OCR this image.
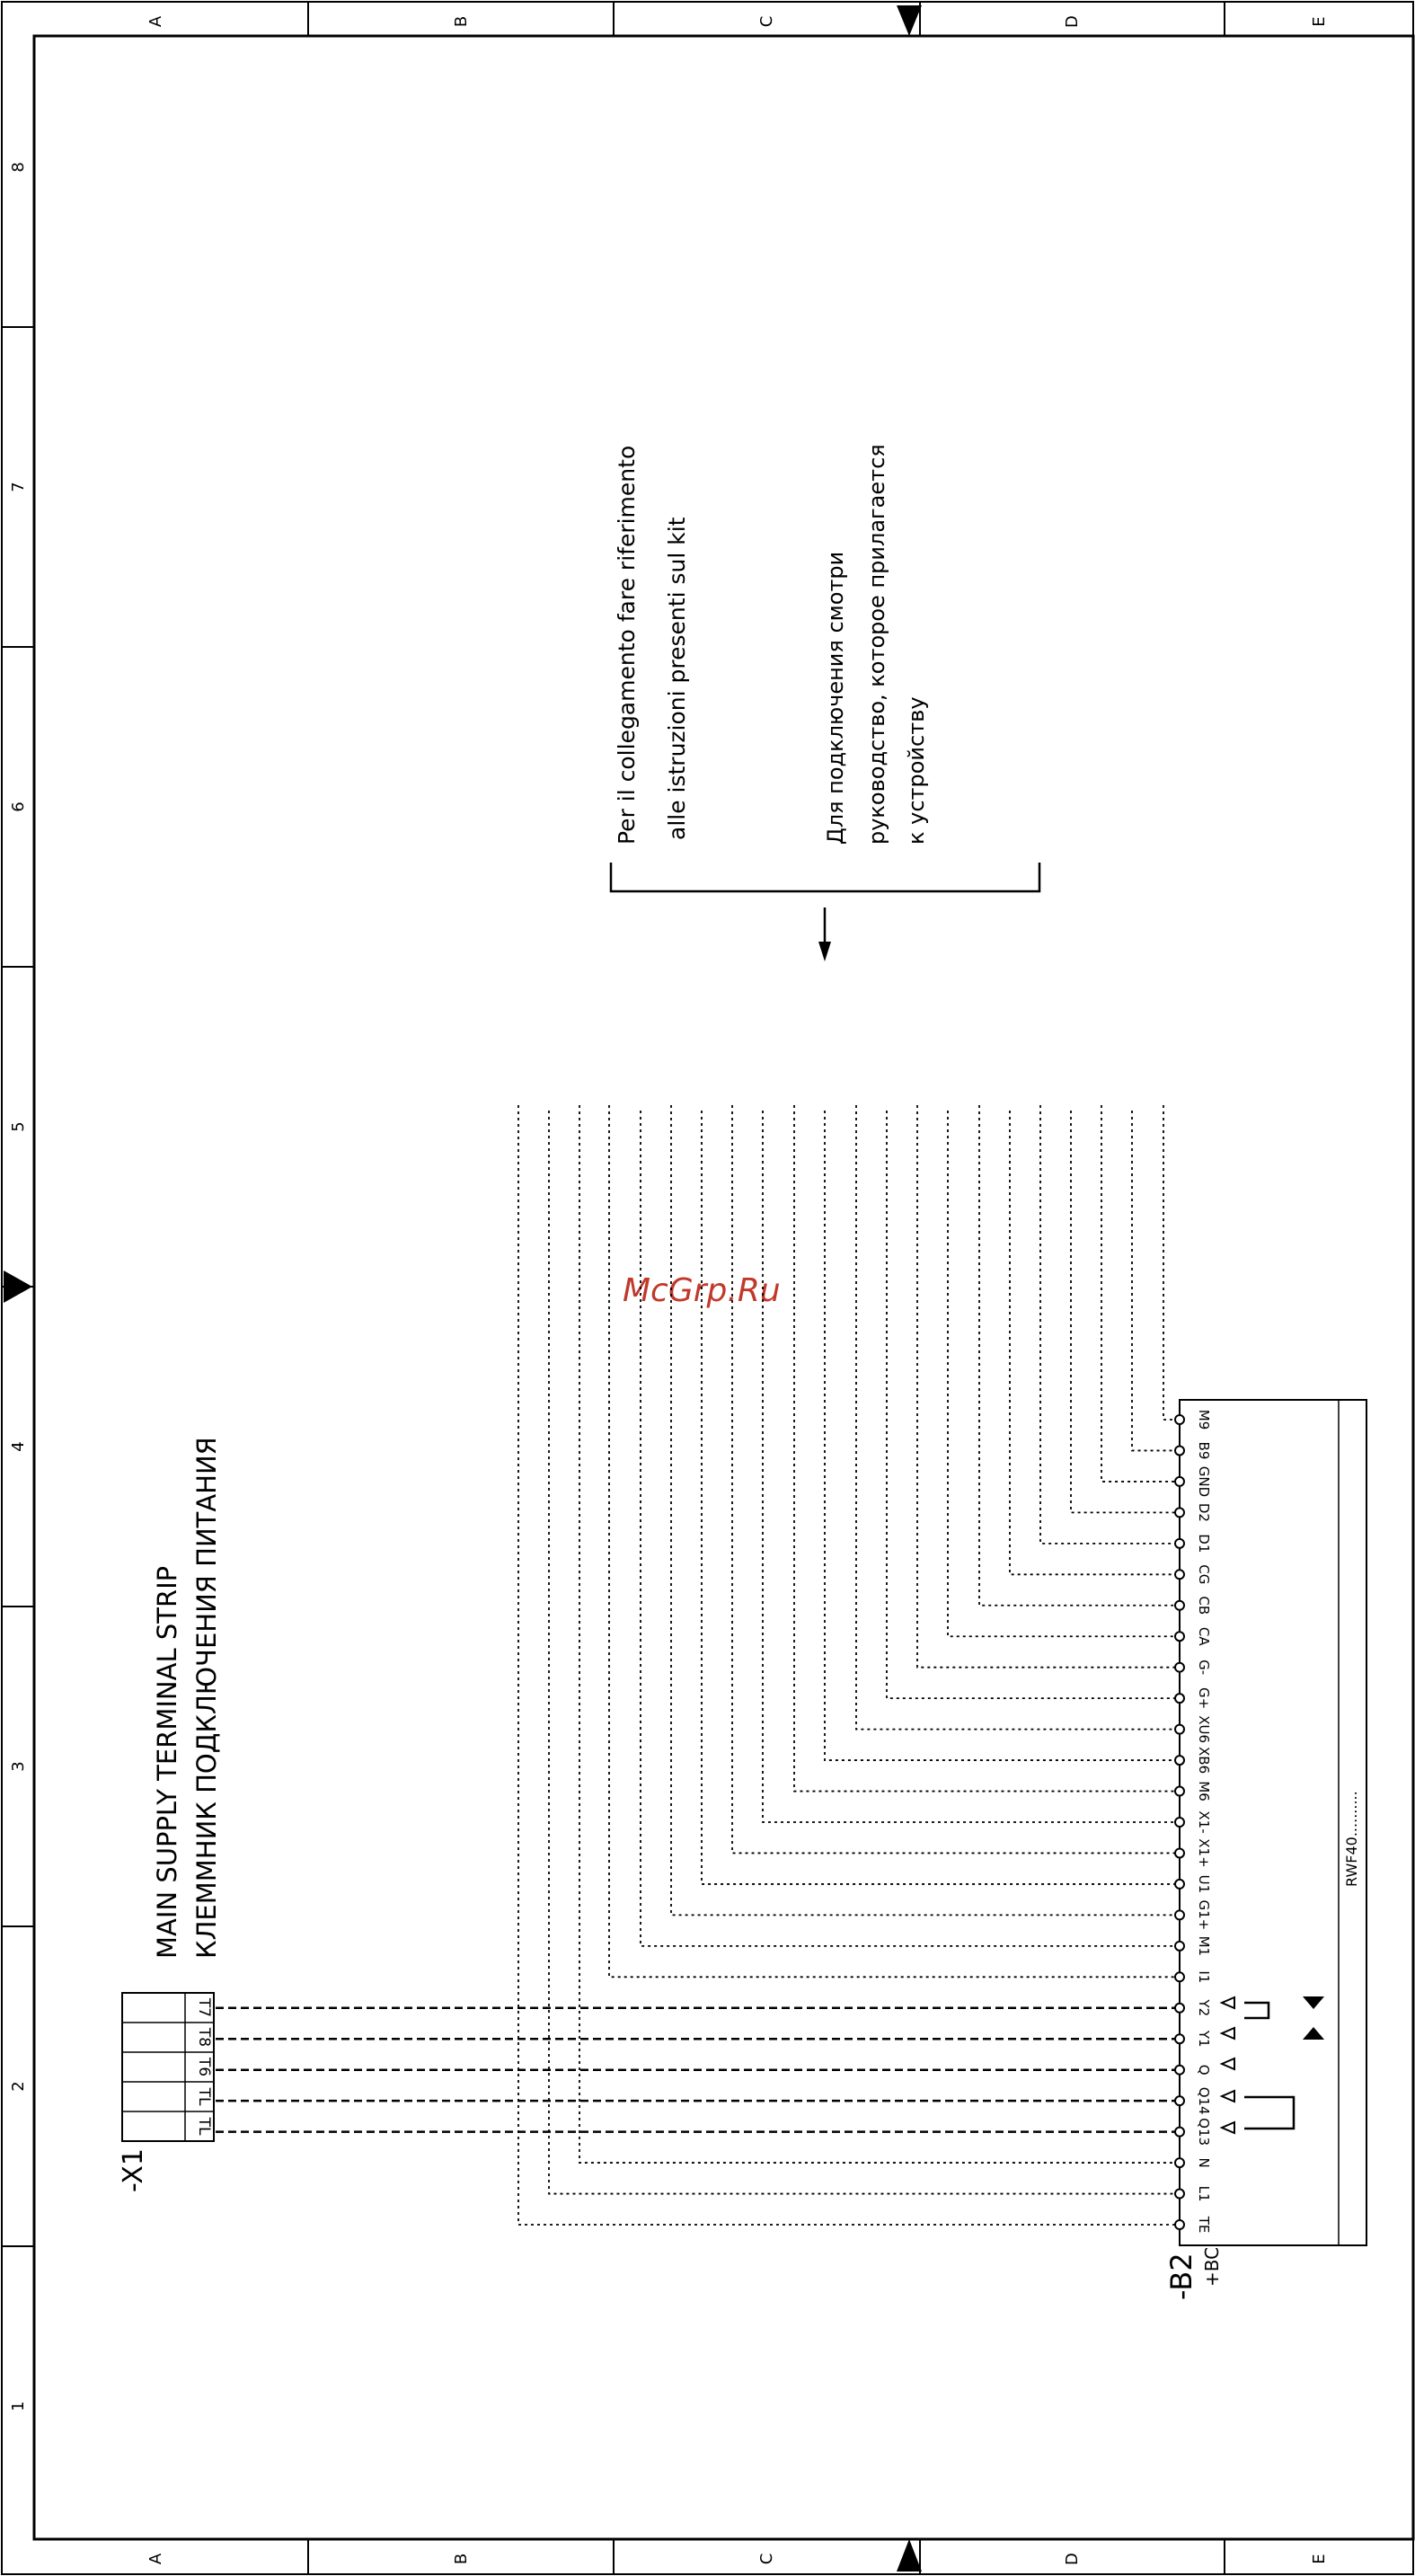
A	B	C	D	E
A	B	C	D	E
8
7
6
5
4
3
2
1
Per il collegamento fare riferimento alle istruzioni presenti sul kit	Для подключения смотри руководство, которое прилагается к устройству
McGrp.Ru
MAIN SUPPLY TERMINAL STRIP КЛЕММНИК ПОДКЛЮЧЕНИЯ ПИТАНИЯ
T7
T8
T6
TL
TL
-X1
RWF40..........
-B2 +BC
M9
B9
GND
D2
D1
CG
CB
CA
G-
G+
XU6
XB6
M6
X1-
X1+
U1
G1+
M1
I1
Y2
Y1
Q
Q14
Q13
N
L1
TE
